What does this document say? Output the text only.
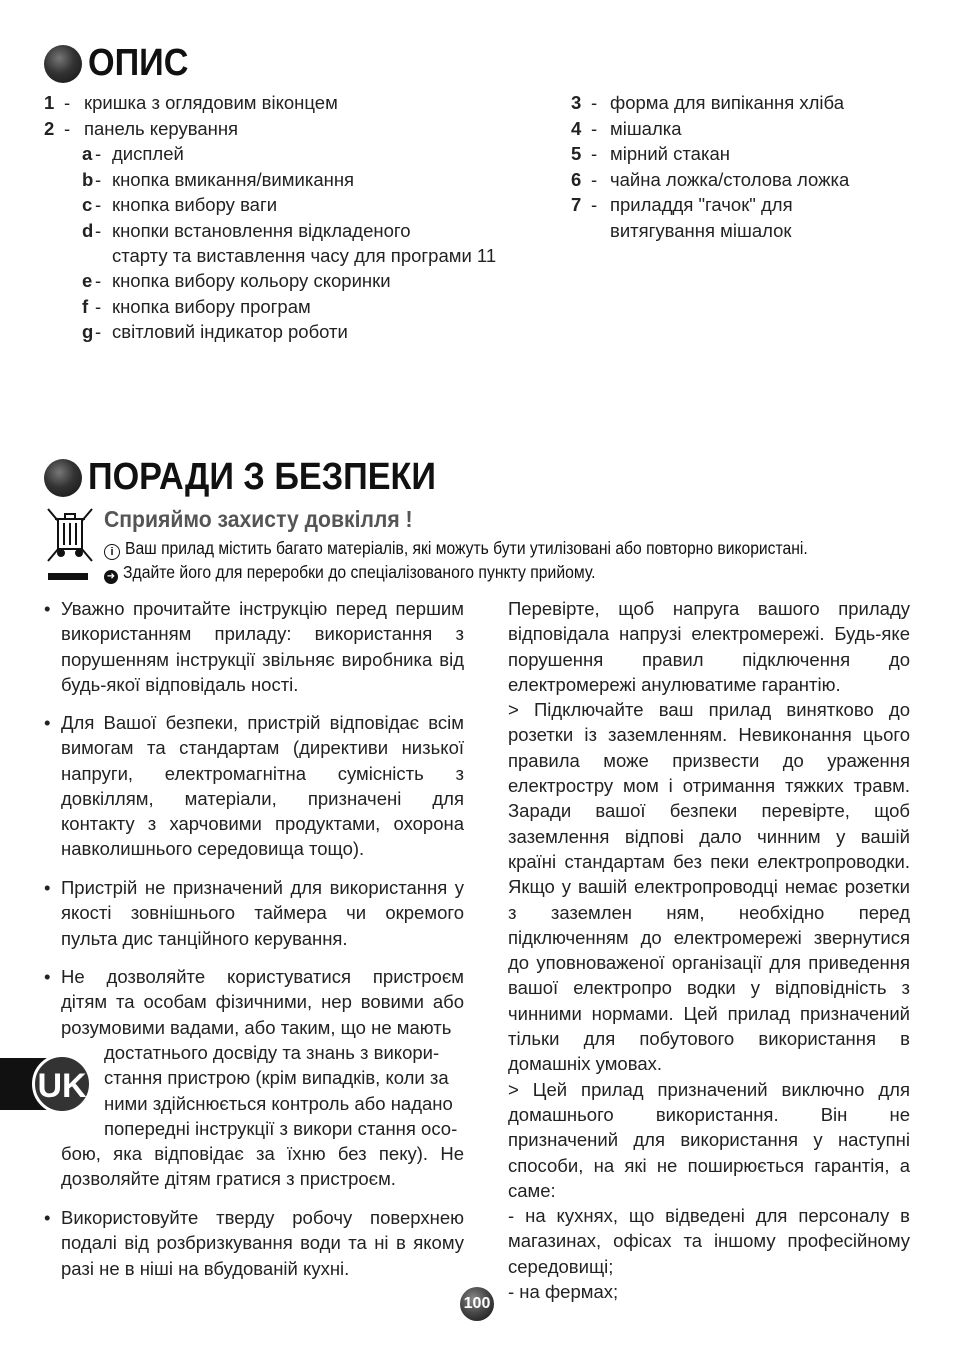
ОПИС
1 - кришка з оглядовим віконцем
2 - панель керування
a - дисплей
b- кнопка вмикання/вимикання
c - кнопка вибору ваги
d- кнопки встановлення відкладеного
старту та виставлення часу для програми 11
e - кнопка вибору кольору скоринки
f - кнопка вибору програм
g- світловий індикатор роботи
3 - форма для випікання хліба
4 - мішалка
5 - мірний стакан
6 - чайна ложка/столова ложка
7 - приладдя "гачок" для
витягування мішалок
ПОРАДИ З БЕЗПЕКИ
Сприяймо захисту довкілля !
i Ваш прилад містить багато матеріалів, які можуть бути утилізовані або повторно використані.
➜ Здайте його для переробки до спеціалізованого пункту прийому.
• Уважно прочитайте інструкцію перед першим використанням приладу: використання з порушенням інструкції звільняє виробника від будь-якої відповідаль ності.

• Для Вашої безпеки, пристрій відповідає всім вимогам та стандартам (директиви низької напруги, електромагнітна сумісність з довкіллям, матеріали, призначені для контакту з харчовими продуктами, охорона навколишнього середовища тощо).

• Пристрій не призначений для використання у якості зовнішнього таймера чи окремого пульта дис танційного керування.

• Не дозволяйте користуватися пристроєм дітям та особам фізичними, нер вовими або розумовими вадами, або таким, що не мають

достатнього досвіду та знань з викори-

стання пристрою (крім випадків, коли за

ними здійснюється контроль або надано

попередні інструкції з викори стання осо-

бою, яка відповідає за їхню без пеку). Не дозволяйте дітям гратися з пристроєм.

• Використовуйте тверду робочу поверхнею подалі від розбризкування води та ні в якому разі не в ніші на вбудованій кухні.

Перевірте, щоб напруга вашого приладу відповідала напрузі електромережі. Будь-яке порушення правил підключення до електромережі анулюватиме гарантію.

> Підключайте ваш прилад винятково до розетки із заземленням. Невиконання цього правила може призвести до ураження електростру мом і отримання тяжких травм. Заради вашої безпеки перевірте, щоб заземлення відпові дало чинним у вашій країні стандартам без пеки електропроводки. Якщо у вашій електропроводці немає розетки з заземлен ням, необхідно перед підключенням до електромережі звернутися до уповноваженої організації для приведення вашої електропро водки у відповідність з чинними нормами. Цей прилад призначений тільки для побутового використання в домашніх умовах.

> Цей прилад призначений виключно для домашнього використання. Він не призначений для використання у наступні способи, на які не поширюється гарантія, а саме:

- на кухнях, що відведені для персоналу в магазинах, офісах та іншому професійному середовищі;

- на фермах;

UK
100
